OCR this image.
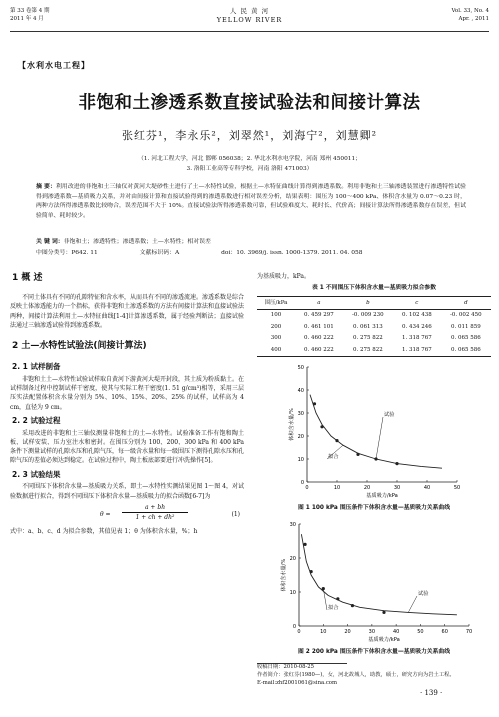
第 33 卷第 4 期
2011 年 4 月
人 民 黄 河
YELLOW RIVER
Vol. 33, No. 4
Apr. , 2011
【水利水电工程】
非饱和土渗透系数直接试验法和间接计算法
张红芬¹，李永乐²，刘翠然¹，刘海宁²，刘慧卿²
（1. 河北工程大学，河北 邯郸 056038；2. 华北水利水电学院，河南 郑州 450011；
3. 洛阳工业高等专科学校，河南 洛阳 471003）
摘 要：利用改进的非饱和土三轴仪对黄河大堤砂性土进行了土—水特性试验，根据土—水特征曲线计算得到渗透系数。利用非饱和土三轴渗透装置进行渗透特性试验得到渗透系数—基质吸力关系，并对由间接计算和直接试验得到的渗透系数进行相对误差分析，结果表明：围压为 100～400 kPa、体积含水量为 0.07～0.23 时，两种方法所得渗透系数比较吻合，误差范围不大于 10%。直接试验法所得渗透系数可靠，但试验难度大、耗时长、代价高；间接计算法所得渗透系数存在误差，但试验简单、耗时较少。
关 键 词：非饱和土；渗透特性；渗透系数；土—水特性；相对误差
中图分类号：P642. 11	文献标识码：A	doi：10. 3969/j. issn. 1000-1379. 2011. 04. 058
1 概 述

不同土体具有不同的孔隙特征和含水率，从而具有不同的渗透流速。渗透系数是综合反映土体渗透能力的一个指标，获得非饱和土渗透系数的方法有间接计算法和直接试验法两种，间接计算法利用土—水特征曲线[1-4]计算渗透系数，属于经验判断法；直接试验法通过三轴渗透试验得到渗透系数。

2 土—水特性试验法(间接计算法)
2. 1 试样制备

非饱和土土—水特性试验试样取自黄河下游黄河大堤开封段，其土质为粉质黏土。在试样制备过程中控制试样干密度，使其与实际工程干密度(1. 51 g/cm³)相等，采用三层压实法配置体积含水量分别为 5%、10%、15%、20%、25% 的试样，试样高为 4 cm，直径为 9 cm。

2. 2 试验过程

采用改进的非饱和土三轴仪测量非饱和土的土—水特性。试验准备工作有饱和陶土板、试样安装、压力室注水和密封。在围压分别为 100、200、300 kPa 和 400 kPa 条件下测量试样的孔隙水压和孔隙气压，每一级含水量和每一级围压下测得孔隙水压和孔隙气压的差值必须达到稳定。在试验过程中，陶土板底部要进行冲洗操作[5]。

2. 3 试验结果

不同围压下体积含水量—基质吸力关系，即土—水特性实测结果见图 1～图 4，对试验数据进行拟合，得到不同围压下体积含水量—基质吸力的拟合函数[6-7]为

θ =
a + bh
1 + ch + dh²	(1)
式中：a、b、c、d 为拟合参数，其值见表 1；θ 为体积含水量，%；h
为基质吸力，kPa。
表 1 不同围压下体积含水量—基质吸力拟合参数
围压/kPa	a	b	c	d
100	0. 459 297	-0. 009 230	0. 102 438	-0. 002 450
200	0. 461 101	0. 061 313	0. 434 246	0. 011 859
300	0. 460 222	0. 275 822	1. 318 767	0. 065 586
400	0. 460 222	0. 275 822	1. 318 767	0. 065 586
0	10	20	30	40	50
0
10
20
30
40
50
基质吸力/kPa
体积含水量/%	试验
拟合
图 1 100 kPa 围压条件下体积含水量—基质吸力关系曲线
0	10	20	30	40	50	60	70
0
10
20
30
基质吸力/kPa
体积含水量/%
试验
拟合
图 2 200 kPa 围压条件下体积含水量—基质吸力关系曲线
收稿日期：2010-08-25
作者简介：张红芬(1980—)，女，河北故城人，助教，硕士，研究方向为岩土工程。
E-mail:zhf2001061@sina.com
· 139 ·
